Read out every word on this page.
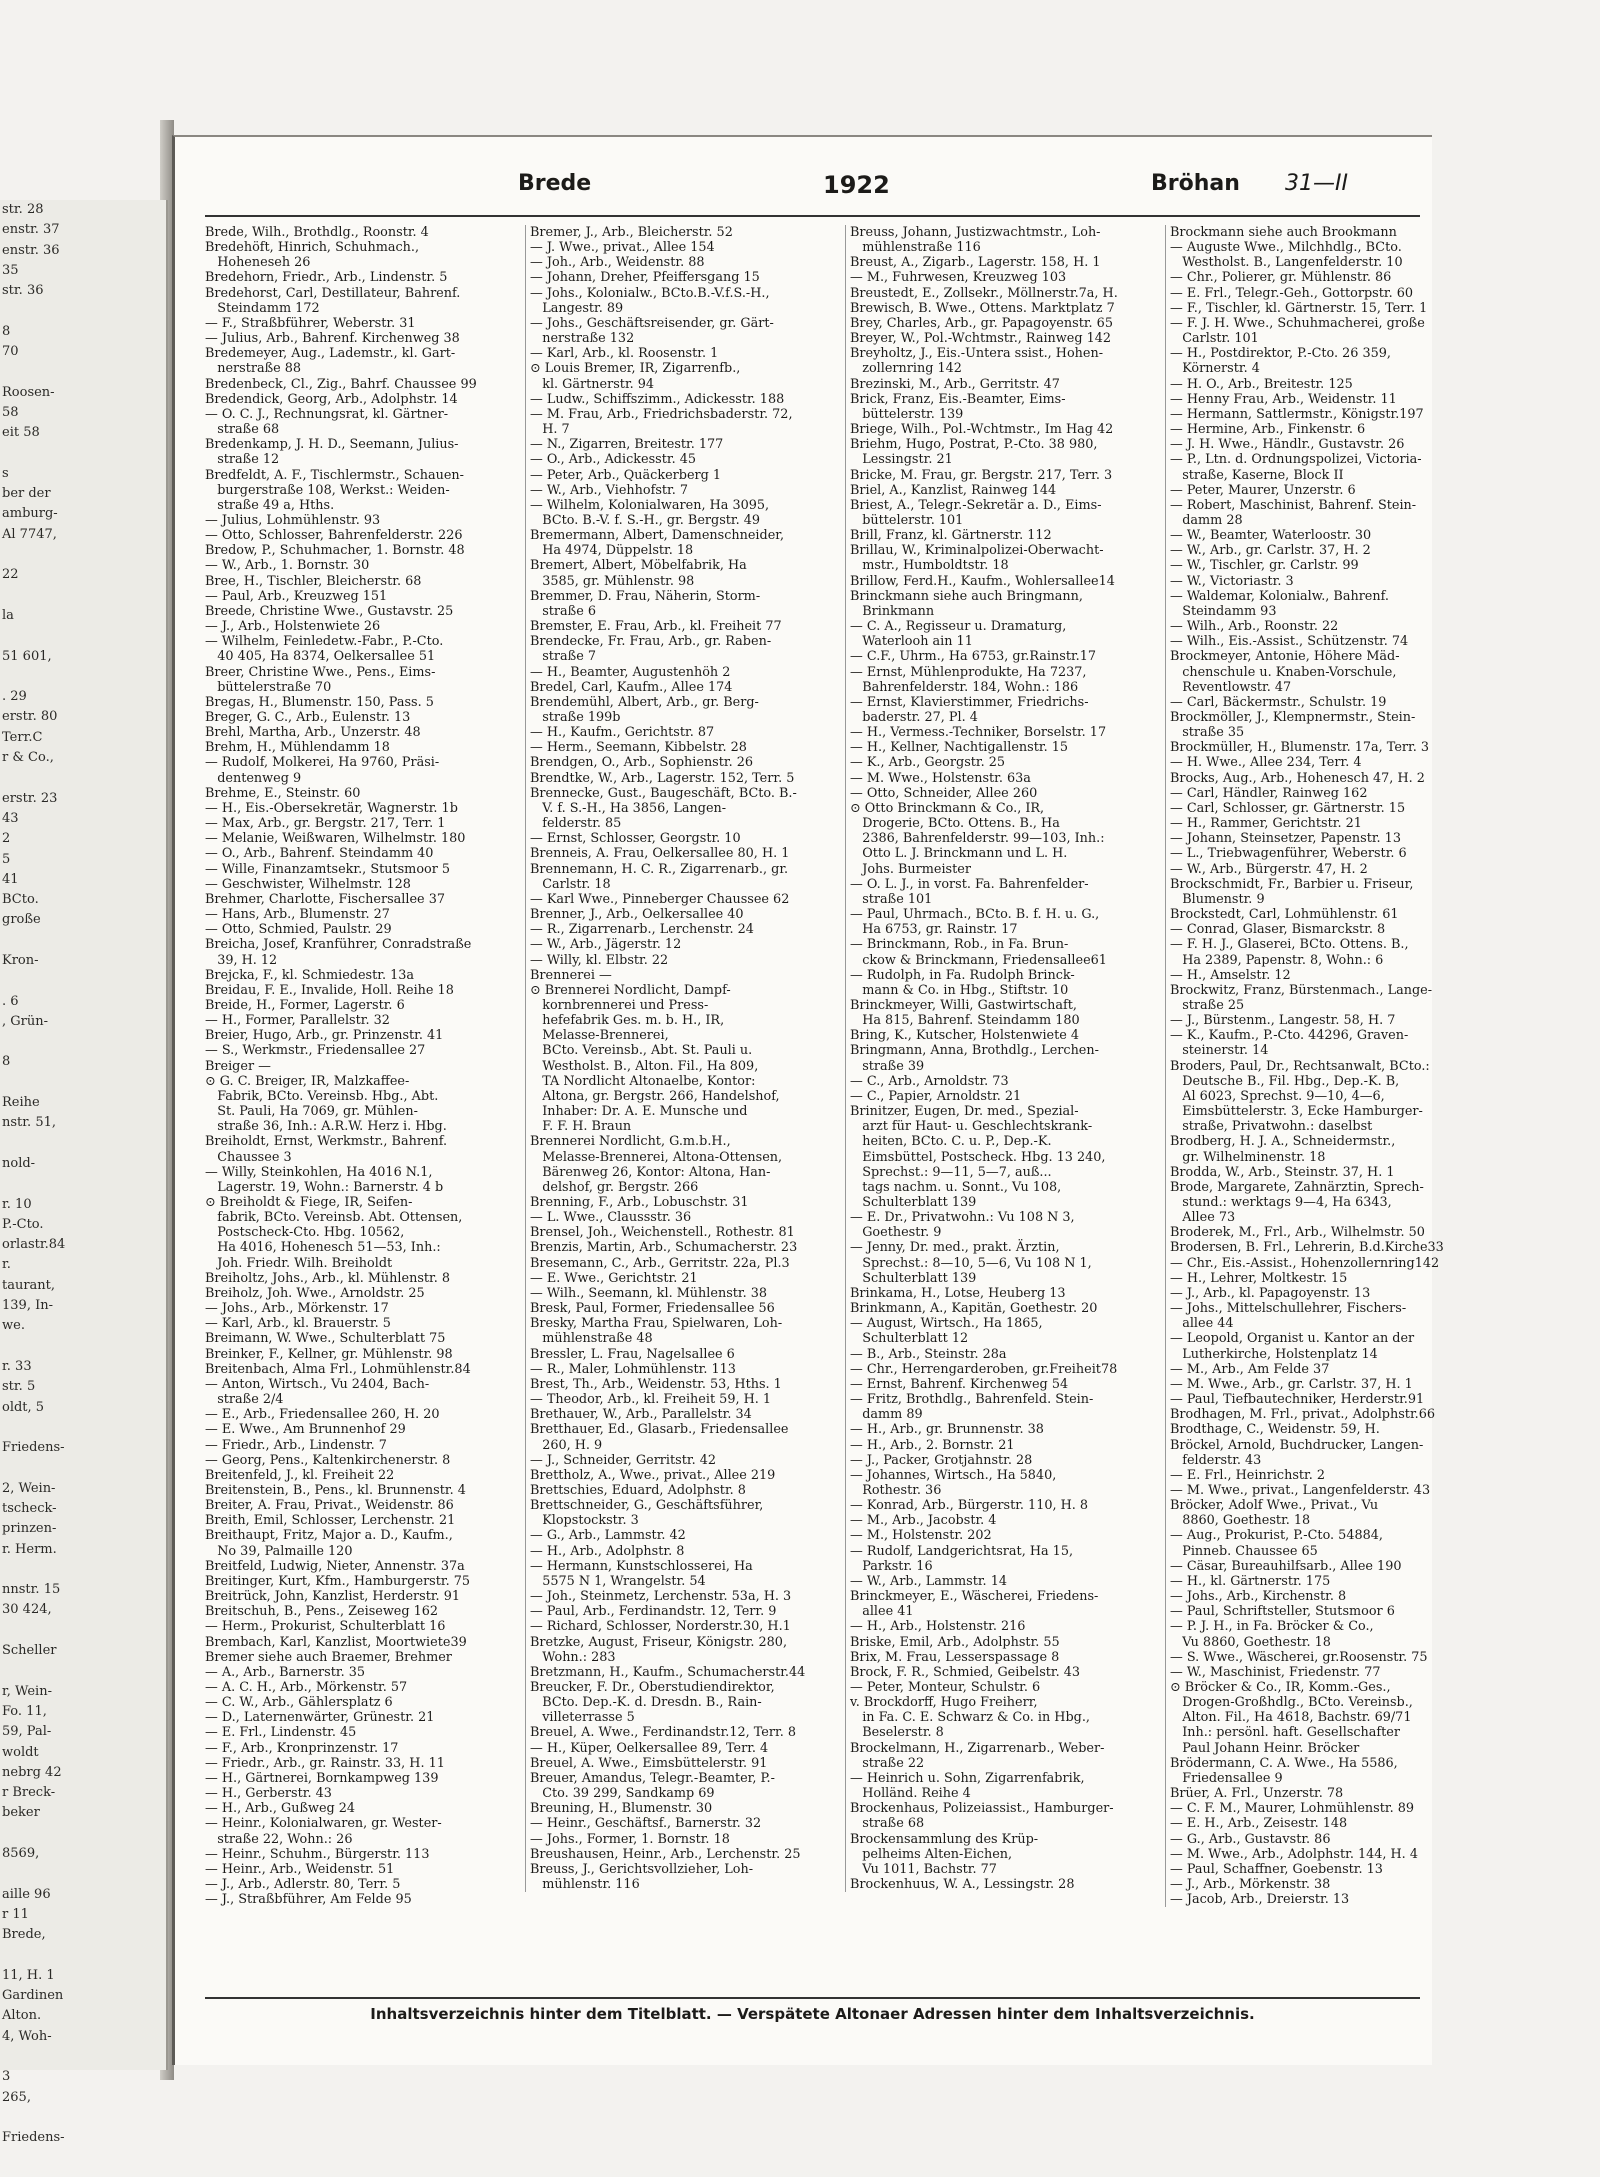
str. 28
enstr. 37
enstr. 36
35
str. 36

8
70

Roosen-
58
eit 58

s
ber der
amburg-
Al 7747,

22

la

51 601,

. 29
erstr. 80
Terr.C
r & Co.,

erstr. 23
43
2
5
41
BCto.
große

Kron-

. 6
, Grün-

8

Reihe
nstr. 51,

nold-

r. 10
P.-Cto.
orlastr.84
r.
taurant,
139, In-
we.

r. 33
str. 5
oldt, 5

Friedens-

2, Wein-
tscheck-
prinzen-
r. Herm.

nnstr. 15
30 424,

Scheller

r, Wein-
Fo. 11,
59, Pal-
woldt
nebrg 42
r Breck-
beker

8569,

aille 96
r 11
Brede,

11, H. 1
Gardinen
Alton.
4, Woh-

3
265,

Friedens-
Brede	1922	Bröhan 31—II
Brede, Wilh., Brothdlg., Roonstr. 4
Bredehöft, Hinrich, Schuhmach.,
Hoheneseh 26
Bredehorn, Friedr., Arb., Lindenstr. 5
Bredehorst, Carl, Destillateur, Bahrenf.
Steindamm 172
— F., Straßbführer, Weberstr. 31
— Julius, Arb., Bahrenf. Kirchenweg 38
Bredemeyer, Aug., Lademstr., kl. Gart-
nerstraße 88
Bredenbeck, Cl., Zig., Bahrf. Chaussee 99
Bredendick, Georg, Arb., Adolphstr. 14
— O. C. J., Rechnungsrat, kl. Gärtner-
straße 68
Bredenkamp, J. H. D., Seemann, Julius-
straße 12
Bredfeldt, A. F., Tischlermstr., Schauen-
burgerstraße 108, Werkst.: Weiden-
straße 49 a, Hths.
— Julius, Lohmühlenstr. 93
— Otto, Schlosser, Bahrenfelderstr. 226
Bredow, P., Schuhmacher, 1. Bornstr. 48
— W., Arb., 1. Bornstr. 30
Bree, H., Tischler, Bleicherstr. 68
— Paul, Arb., Kreuzweg 151
Breede, Christine Wwe., Gustavstr. 25
— J., Arb., Holstenwiete 26
— Wilhelm, Feinledetw.-Fabr., P.-Cto.
40 405, Ha 8374, Oelkersallee 51
Breer, Christine Wwe., Pens., Eims-
büttelerstraße 70
Bregas, H., Blumenstr. 150, Pass. 5
Breger, G. C., Arb., Eulenstr. 13
Brehl, Martha, Arb., Unzerstr. 48
Brehm, H., Mühlendamm 18
— Rudolf, Molkerei, Ha 9760, Präsi-
dentenweg 9
Brehme, E., Steinstr. 60
— H., Eis.-Obersekretär, Wagnerstr. 1b
— Max, Arb., gr. Bergstr. 217, Terr. 1
— Melanie, Weißwaren, Wilhelmstr. 180
— O., Arb., Bahrenf. Steindamm 40
— Wille, Finanzamtsekr., Stutsmoor 5
— Geschwister, Wilhelmstr. 128
Brehmer, Charlotte, Fischersallee 37
— Hans, Arb., Blumenstr. 27
— Otto, Schmied, Paulstr. 29
Breicha, Josef, Kranführer, Conradstraße
39, H. 12
Brejcka, F., kl. Schmiedestr. 13a
Breidau, F. E., Invalide, Holl. Reihe 18
Breide, H., Former, Lagerstr. 6
— H., Former, Parallelstr. 32
Breier, Hugo, Arb., gr. Prinzenstr. 41
— S., Werkmstr., Friedensallee 27
Breiger —
⊙ G. C. Breiger, IR, Malzkaffee-
Fabrik, BCto. Vereinsb. Hbg., Abt.
St. Pauli, Ha 7069, gr. Mühlen-
straße 36, Inh.: A.R.W. Herz i. Hbg.
Breiholdt, Ernst, Werkmstr., Bahrenf.
Chaussee 3
— Willy, Steinkohlen, Ha 4016 N.1,
Lagerstr. 19, Wohn.: Barnerstr. 4 b
⊙ Breiholdt & Fiege, IR, Seifen-
fabrik, BCto. Vereinsb. Abt. Ottensen,
Postscheck-Cto. Hbg. 10562,
Ha 4016, Hohenesch 51—53, Inh.:
Joh. Friedr. Wilh. Breiholdt
Breiholtz, Johs., Arb., kl. Mühlenstr. 8
Breiholz, Joh. Wwe., Arnoldstr. 25
— Johs., Arb., Mörkenstr. 17
— Karl, Arb., kl. Brauerstr. 5
Breimann, W. Wwe., Schulterblatt 75
Breinker, F., Kellner, gr. Mühlenstr. 98
Breitenbach, Alma Frl., Lohmühlenstr.84
— Anton, Wirtsch., Vu 2404, Bach-
straße 2/4
— E., Arb., Friedensallee 260, H. 20
— E. Wwe., Am Brunnenhof 29
— Friedr., Arb., Lindenstr. 7
— Georg, Pens., Kaltenkirchenerstr. 8
Breitenfeld, J., kl. Freiheit 22
Breitenstein, B., Pens., kl. Brunnenstr. 4
Breiter, A. Frau, Privat., Weidenstr. 86
Breith, Emil, Schlosser, Lerchenstr. 21
Breithaupt, Fritz, Major a. D., Kaufm.,
No 39, Palmaille 120
Breitfeld, Ludwig, Nieter, Annenstr. 37a
Breitinger, Kurt, Kfm., Hamburgerstr. 75
Breitrück, John, Kanzlist, Herderstr. 91
Breitschuh, B., Pens., Zeiseweg 162
— Herm., Prokurist, Schulterblatt 16
Brembach, Karl, Kanzlist, Moortwiete39
Bremer siehe auch Braemer, Brehmer
— A., Arb., Barnerstr. 35
— A. C. H., Arb., Mörkenstr. 57
— C. W., Arb., Gählersplatz 6
— D., Laternenwärter, Grünestr. 21
— E. Frl., Lindenstr. 45
— F., Arb., Kronprinzenstr. 17
— Friedr., Arb., gr. Rainstr. 33, H. 11
— H., Gärtnerei, Bornkampweg 139
— H., Gerberstr. 43
— H., Arb., Gußweg 24
— Heinr., Kolonialwaren, gr. Wester-
straße 22, Wohn.: 26
— Heinr., Schuhm., Bürgerstr. 113
— Heinr., Arb., Weidenstr. 51
— J., Arb., Adlerstr. 80, Terr. 5
— J., Straßbführer, Am Felde 95
Bremer, J., Arb., Bleicherstr. 52
— J. Wwe., privat., Allee 154
— Joh., Arb., Weidenstr. 88
— Johann, Dreher, Pfeiffersgang 15
— Johs., Kolonialw., BCto.B.-V.f.S.-H.,
Langestr. 89
— Johs., Geschäftsreisender, gr. Gärt-
nerstraße 132
— Karl, Arb., kl. Roosenstr. 1
⊙ Louis Bremer, IR, Zigarrenfb.,
kl. Gärtnerstr. 94
— Ludw., Schiffszimm., Adickesstr. 188
— M. Frau, Arb., Friedrichsbaderstr. 72,
H. 7
— N., Zigarren, Breitestr. 177
— O., Arb., Adickesstr. 45
— Peter, Arb., Quäckerberg 1
— W., Arb., Viehhofstr. 7
— Wilhelm, Kolonialwaren, Ha 3095,
BCto. B.-V. f. S.-H., gr. Bergstr. 49
Bremermann, Albert, Damenschneider,
Ha 4974, Düppelstr. 18
Bremert, Albert, Möbelfabrik, Ha
3585, gr. Mühlenstr. 98
Bremmer, D. Frau, Näherin, Storm-
straße 6
Bremster, E. Frau, Arb., kl. Freiheit 77
Brendecke, Fr. Frau, Arb., gr. Raben-
straße 7
— H., Beamter, Augustenhöh 2
Bredel, Carl, Kaufm., Allee 174
Brendemühl, Albert, Arb., gr. Berg-
straße 199b
— H., Kaufm., Gerichtstr. 87
— Herm., Seemann, Kibbelstr. 28
Brendgen, O., Arb., Sophienstr. 26
Brendtke, W., Arb., Lagerstr. 152, Terr. 5
Brennecke, Gust., Baugeschäft, BCto. B.-
V. f. S.-H., Ha 3856, Langen-
felderstr. 85
— Ernst, Schlosser, Georgstr. 10
Brenneis, A. Frau, Oelkersallee 80, H. 1
Brennemann, H. C. R., Zigarrenarb., gr.
Carlstr. 18
— Karl Wwe., Pinneberger Chaussee 62
Brenner, J., Arb., Oelkersallee 40
— R., Zigarrenarb., Lerchenstr. 24
— W., Arb., Jägerstr. 12
— Willy, kl. Elbstr. 22
Brennerei —
⊙ Brennerei Nordlicht, Dampf-
kornbrennerei und Press-
hefefabrik Ges. m. b. H., IR,
Melasse-Brennerei,
BCto. Vereinsb., Abt. St. Pauli u.
Westholst. B., Alton. Fil., Ha 809,
TA Nordlicht Altonaelbe, Kontor:
Altona, gr. Bergstr. 266, Handelshof,
Inhaber: Dr. A. E. Munsche und
F. F. H. Braun
Brennerei Nordlicht, G.m.b.H.,
Melasse-Brennerei, Altona-Ottensen,
Bärenweg 26, Kontor: Altona, Han-
delshof, gr. Bergstr. 266
Brenning, F., Arb., Lobuschstr. 31
— L. Wwe., Claussstr. 36
Brensel, Joh., Weichenstell., Rothestr. 81
Brenzis, Martin, Arb., Schumacherstr. 23
Bresemann, C., Arb., Gerritstr. 22a, Pl.3
— E. Wwe., Gerichtstr. 21
— Wilh., Seemann, kl. Mühlenstr. 38
Bresk, Paul, Former, Friedensallee 56
Bresky, Martha Frau, Spielwaren, Loh-
mühlenstraße 48
Bressler, L. Frau, Nagelsallee 6
— R., Maler, Lohmühlenstr. 113
Brest, Th., Arb., Weidenstr. 53, Hths. 1
— Theodor, Arb., kl. Freiheit 59, H. 1
Brethauer, W., Arb., Parallelstr. 34
Bretthauer, Ed., Glasarb., Friedensallee
260, H. 9
— J., Schneider, Gerritstr. 42
Brettholz, A., Wwe., privat., Allee 219
Brettschies, Eduard, Adolphstr. 8
Brettschneider, G., Geschäftsführer,
Klopstockstr. 3
— G., Arb., Lammstr. 42
— H., Arb., Adolphstr. 8
— Hermann, Kunstschlosserei, Ha
5575 N 1, Wrangelstr. 54
— Joh., Steinmetz, Lerchenstr. 53a, H. 3
— Paul, Arb., Ferdinandstr. 12, Terr. 9
— Richard, Schlosser, Norderstr.30, H.1
Bretzke, August, Friseur, Königstr. 280,
Wohn.: 283
Bretzmann, H., Kaufm., Schumacherstr.44
Breucker, F. Dr., Oberstudiendirektor,
BCto. Dep.-K. d. Dresdn. B., Rain-
villeterrasse 5
Breuel, A. Wwe., Ferdinandstr.12, Terr. 8
— H., Küper, Oelkersallee 89, Terr. 4
Breuel, A. Wwe., Eimsbüttelerstr. 91
Breuer, Amandus, Telegr.-Beamter, P.-
Cto. 39 299, Sandkamp 69
Breuning, H., Blumenstr. 30
— Heinr., Geschäftsf., Barnerstr. 32
— Johs., Former, 1. Bornstr. 18
Breushausen, Heinr., Arb., Lerchenstr. 25
Breuss, J., Gerichtsvollzieher, Loh-
mühlenstr. 116
Breuss, Johann, Justizwachtmstr., Loh-
mühlenstraße 116
Breust, A., Zigarb., Lagerstr. 158, H. 1
— M., Fuhrwesen, Kreuzweg 103
Breustedt, E., Zollsekr., Möllnerstr.7a, H.
Brewisch, B. Wwe., Ottens. Marktplatz 7
Brey, Charles, Arb., gr. Papagoyenstr. 65
Breyer, W., Pol.-Wchtmstr., Rainweg 142
Breyholtz, J., Eis.-Untera ssist., Hohen-
zollernring 142
Brezinski, M., Arb., Gerritstr. 47
Brick, Franz, Eis.-Beamter, Eims-
büttelerstr. 139
Briege, Wilh., Pol.-Wchtmstr., Im Hag 42
Briehm, Hugo, Postrat, P.-Cto. 38 980,
Lessingstr. 21
Bricke, M. Frau, gr. Bergstr. 217, Terr. 3
Briel, A., Kanzlist, Rainweg 144
Briest, A., Telegr.-Sekretär a. D., Eims-
büttelerstr. 101
Brill, Franz, kl. Gärtnerstr. 112
Brillau, W., Kriminalpolizei-Oberwacht-
mstr., Humboldtstr. 18
Brillow, Ferd.H., Kaufm., Wohlersallee14
Brinckmann siehe auch Bringmann,
Brinkmann
— C. A., Regisseur u. Dramaturg,
Waterlooh ain 11
— C.F., Uhrm., Ha 6753, gr.Rainstr.17
— Ernst, Mühlenprodukte, Ha 7237,
Bahrenfelderstr. 184, Wohn.: 186
— Ernst, Klavierstimmer, Friedrichs-
baderstr. 27, Pl. 4
— H., Vermess.-Techniker, Borselstr. 17
— H., Kellner, Nachtigallenstr. 15
— K., Arb., Georgstr. 25
— M. Wwe., Holstenstr. 63a
— Otto, Schneider, Allee 260
⊙ Otto Brinckmann & Co., IR,
Drogerie, BCto. Ottens. B., Ha
2386, Bahrenfelderstr. 99—103, Inh.:
Otto L. J. Brinckmann und L. H.
Johs. Burmeister
— O. L. J., in vorst. Fa. Bahrenfelder-
straße 101
— Paul, Uhrmach., BCto. B. f. H. u. G.,
Ha 6753, gr. Rainstr. 17
— Brinckmann, Rob., in Fa. Brun-
ckow & Brinckmann, Friedensallee61
— Rudolph, in Fa. Rudolph Brinck-
mann & Co. in Hbg., Stiftstr. 10
Brinckmeyer, Willi, Gastwirtschaft,
Ha 815, Bahrenf. Steindamm 180
Bring, K., Kutscher, Holstenwiete 4
Bringmann, Anna, Brothdlg., Lerchen-
straße 39
— C., Arb., Arnoldstr. 73
— C., Papier, Arnoldstr. 21
Brinitzer, Eugen, Dr. med., Spezial-
arzt für Haut- u. Geschlechtskrank-
heiten, BCto. C. u. P., Dep.-K.
Eimsbüttel, Postscheck. Hbg. 13 240,
Sprechst.: 9—11, 5—7, auß...
tags nachm. u. Sonnt., Vu 108,
Schulterblatt 139
— E. Dr., Privatwohn.: Vu 108 N 3,
Goethestr. 9
— Jenny, Dr. med., prakt. Ärztin,
Sprechst.: 8—10, 5—6, Vu 108 N 1,
Schulterblatt 139
Brinkama, H., Lotse, Heuberg 13
Brinkmann, A., Kapitän, Goethestr. 20
— August, Wirtsch., Ha 1865,
Schulterblatt 12
— B., Arb., Steinstr. 28a
— Chr., Herrengarderoben, gr.Freiheit78
— Ernst, Bahrenf. Kirchenweg 54
— Fritz, Brothdlg., Bahrenfeld. Stein-
damm 89
— H., Arb., gr. Brunnenstr. 38
— H., Arb., 2. Bornstr. 21
— J., Packer, Grotjahnstr. 28
— Johannes, Wirtsch., Ha 5840,
Rothestr. 36
— Konrad, Arb., Bürgerstr. 110, H. 8
— M., Arb., Jacobstr. 4
— M., Holstenstr. 202
— Rudolf, Landgerichtsrat, Ha 15,
Parkstr. 16
— W., Arb., Lammstr. 14
Brinckmeyer, E., Wäscherei, Friedens-
allee 41
— H., Arb., Holstenstr. 216
Briske, Emil, Arb., Adolphstr. 55
Brix, M. Frau, Lesserspassage 8
Brock, F. R., Schmied, Geibelstr. 43
— Peter, Monteur, Schulstr. 6
v. Brockdorff, Hugo Freiherr,
in Fa. C. E. Schwarz & Co. in Hbg.,
Beselerstr. 8
Brockelmann, H., Zigarrenarb., Weber-
straße 22
— Heinrich u. Sohn, Zigarrenfabrik,
Holländ. Reihe 4
Brockenhaus, Polizeiassist., Hamburger-
straße 68
Brockensammlung des Krüp-
pelheims Alten-Eichen,
Vu 1011, Bachstr. 77
Brockenhuus, W. A., Lessingstr. 28
Brockmann siehe auch Brookmann
— Auguste Wwe., Milchhdlg., BCto.
Westholst. B., Langenfelderstr. 10
— Chr., Polierer, gr. Mühlenstr. 86
— E. Frl., Telegr.-Geh., Gottorpstr. 60
— F., Tischler, kl. Gärtnerstr. 15, Terr. 1
— F. J. H. Wwe., Schuhmacherei, große
Carlstr. 101
— H., Postdirektor, P.-Cto. 26 359,
Körnerstr. 4
— H. O., Arb., Breitestr. 125
— Henny Frau, Arb., Weidenstr. 11
— Hermann, Sattlermstr., Königstr.197
— Hermine, Arb., Finkenstr. 6
— J. H. Wwe., Händlr., Gustavstr. 26
— P., Ltn. d. Ordnungspolizei, Victoria-
straße, Kaserne, Block II
— Peter, Maurer, Unzerstr. 6
— Robert, Maschinist, Bahrenf. Stein-
damm 28
— W., Beamter, Waterloostr. 30
— W., Arb., gr. Carlstr. 37, H. 2
— W., Tischler, gr. Carlstr. 99
— W., Victoriastr. 3
— Waldemar, Kolonialw., Bahrenf.
Steindamm 93
— Wilh., Arb., Roonstr. 22
— Wilh., Eis.-Assist., Schützenstr. 74
Brockmeyer, Antonie, Höhere Mäd-
chenschule u. Knaben-Vorschule,
Reventlowstr. 47
— Carl, Bäckermstr., Schulstr. 19
Brockmöller, J., Klempnermstr., Stein-
straße 35
Brockmüller, H., Blumenstr. 17a, Terr. 3
— H. Wwe., Allee 234, Terr. 4
Brocks, Aug., Arb., Hohenesch 47, H. 2
— Carl, Händler, Rainweg 162
— Carl, Schlosser, gr. Gärtnerstr. 15
— H., Rammer, Gerichtstr. 21
— Johann, Steinsetzer, Papenstr. 13
— L., Triebwagenführer, Weberstr. 6
— W., Arb., Bürgerstr. 47, H. 2
Brockschmidt, Fr., Barbier u. Friseur,
Blumenstr. 9
Brockstedt, Carl, Lohmühlenstr. 61
— Conrad, Glaser, Bismarckstr. 8
— F. H. J., Glaserei, BCto. Ottens. B.,
Ha 2389, Papenstr. 8, Wohn.: 6
— H., Amselstr. 12
Brockwitz, Franz, Bürstenmach., Lange-
straße 25
— J., Bürstenm., Langestr. 58, H. 7
— K., Kaufm., P.-Cto. 44296, Graven-
steinerstr. 14
Broders, Paul, Dr., Rechtsanwalt, BCto.:
Deutsche B., Fil. Hbg., Dep.-K. B,
Al 6023, Sprechst. 9—10, 4—6,
Eimsbüttelerstr. 3, Ecke Hamburger-
straße, Privatwohn.: daselbst
Brodberg, H. J. A., Schneidermstr.,
gr. Wilhelminenstr. 18
Brodda, W., Arb., Steinstr. 37, H. 1
Brode, Margarete, Zahnärztin, Sprech-
stund.: werktags 9—4, Ha 6343,
Allee 73
Broderek, M., Frl., Arb., Wilhelmstr. 50
Brodersen, B. Frl., Lehrerin, B.d.Kirche33
— Chr., Eis.-Assist., Hohenzollernring142
— H., Lehrer, Moltkestr. 15
— J., Arb., kl. Papagoyenstr. 13
— Johs., Mittelschullehrer, Fischers-
allee 44
— Leopold, Organist u. Kantor an der
Lutherkirche, Holstenplatz 14
— M., Arb., Am Felde 37
— M. Wwe., Arb., gr. Carlstr. 37, H. 1
— Paul, Tiefbautechniker, Herderstr.91
Brodhagen, M. Frl., privat., Adolphstr.66
Brodthage, C., Weidenstr. 59, H.
Bröckel, Arnold, Buchdrucker, Langen-
felderstr. 43
— E. Frl., Heinrichstr. 2
— M. Wwe., privat., Langenfelderstr. 43
Bröcker, Adolf Wwe., Privat., Vu
8860, Goethestr. 18
— Aug., Prokurist, P.-Cto. 54884,
Pinneb. Chaussee 65
— Cäsar, Bureauhilfsarb., Allee 190
— H., kl. Gärtnerstr. 175
— Johs., Arb., Kirchenstr. 8
— Paul, Schriftsteller, Stutsmoor 6
— P. J. H., in Fa. Bröcker & Co.,
Vu 8860, Goethestr. 18
— S. Wwe., Wäscherei, gr.Roosenstr. 75
— W., Maschinist, Friedenstr. 77
⊙ Bröcker & Co., IR, Komm.-Ges.,
Drogen-Großhdlg., BCto. Vereinsb.,
Alton. Fil., Ha 4618, Bachstr. 69/71
Inh.: persönl. haft. Gesellschafter
Paul Johann Heinr. Bröcker
Brödermann, C. A. Wwe., Ha 5586,
Friedensallee 9
Brüer, A. Frl., Unzerstr. 78
— C. F. M., Maurer, Lohmühlenstr. 89
— E. H., Arb., Zeisestr. 148
— G., Arb., Gustavstr. 86
— M. Wwe., Arb., Adolphstr. 144, H. 4
— Paul, Schaffner, Goebenstr. 13
— J., Arb., Mörkenstr. 38
— Jacob, Arb., Dreierstr. 13
Inhaltsverzeichnis hinter dem Titelblatt. — Verspätete Altonaer Adressen hinter dem Inhaltsverzeichnis.
